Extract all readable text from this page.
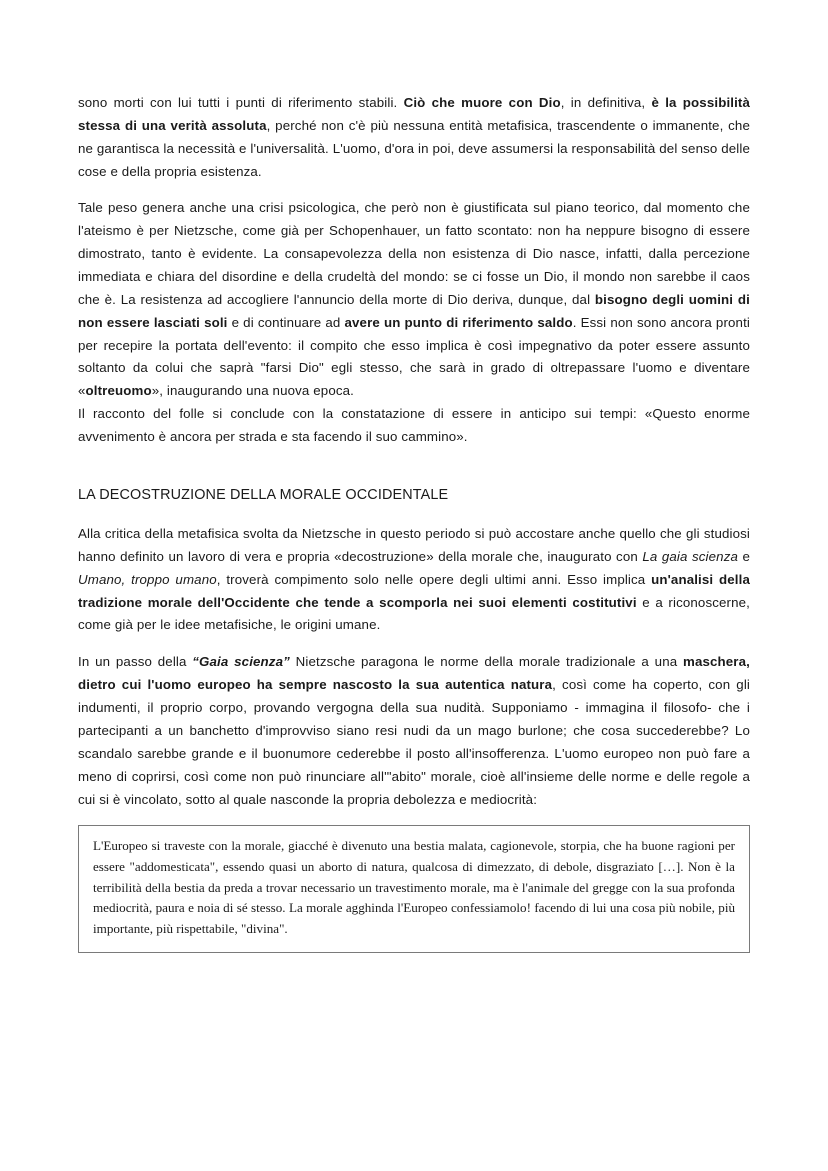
sono morti con lui tutti i punti di riferimento stabili. Ciò che muore con Dio, in definitiva, è la possibilità stessa di una verità assoluta, perché non c'è più nessuna entità metafisica, trascendente o immanente, che ne garantisca la necessità e l'universalità. L'uomo, d'ora in poi, deve assumersi la responsabilità del senso delle cose e della propria esistenza.

Tale peso genera anche una crisi psicologica, che però non è giustificata sul piano teorico, dal momento che l'ateismo è per Nietzsche, come già per Schopenhauer, un fatto scontato: non ha neppure bisogno di essere dimostrato, tanto è evidente. La consapevolezza della non esistenza di Dio nasce, infatti, dalla percezione immediata e chiara del disordine e della crudeltà del mondo: se ci fosse un Dio, il mondo non sarebbe il caos che è. La resistenza ad accogliere l'annuncio della morte di Dio deriva, dunque, dal bisogno degli uomini di non essere lasciati soli e di continuare ad avere un punto di riferimento saldo. Essi non sono ancora pronti per recepire la portata dell'evento: il compito che esso implica è così impegnativo da poter essere assunto soltanto da colui che saprà "farsi Dio" egli stesso, che sarà in grado di oltrepassare l'uomo e diventare «oltreuomo», inaugurando una nuova epoca.

Il racconto del folle si conclude con la constatazione di essere in anticipo sui tempi: «Questo enorme avvenimento è ancora per strada e sta facendo il suo cammino».

LA DECOSTRUZIONE DELLA MORALE OCCIDENTALE

Alla critica della metafisica svolta da Nietzsche in questo periodo si può accostare anche quello che gli studiosi hanno definito un lavoro di vera e propria «decostruzione» della morale che, inaugurato con La gaia scienza e Umano, troppo umano, troverà compimento solo nelle opere degli ultimi anni. Esso implica un'analisi della tradizione morale dell'Occidente che tende a scomporla nei suoi elementi costitutivi e a riconoscerne, come già per le idee metafisiche, le origini umane.

In un passo della “Gaia scienza” Nietzsche paragona le norme della morale tradizionale a una maschera, dietro cui l'uomo europeo ha sempre nascosto la sua autentica natura, così come ha coperto, con gli indumenti, il proprio corpo, provando vergogna della sua nudità. Supponiamo - immagina il filosofo- che i partecipanti a un banchetto d'improvviso siano resi nudi da un mago burlone; che cosa succederebbe? Lo scandalo sarebbe grande e il buonumore cederebbe il posto all'insofferenza. L'uomo europeo non può fare a meno di coprirsi, così come non può rinunciare all'"abito" morale, cioè all'insieme delle norme e delle regole a cui si è vincolato, sotto al quale nasconde la propria debolezza e mediocrità:

L'Europeo si traveste con la morale, giacché è divenuto una bestia malata, cagionevole, storpia, che ha buone ragioni per essere "addomesticata", essendo quasi un aborto di natura, qualcosa di dimezzato, di debole, disgraziato […]. Non è la terribilità della bestia da preda a trovar necessario un travestimento morale, ma è l'animale del gregge con la sua profonda mediocrità, paura e noia di sé stesso. La morale agghinda l'Europeo confessiamolo! facendo di lui una cosa più nobile, più importante, più rispettabile, "divina".
